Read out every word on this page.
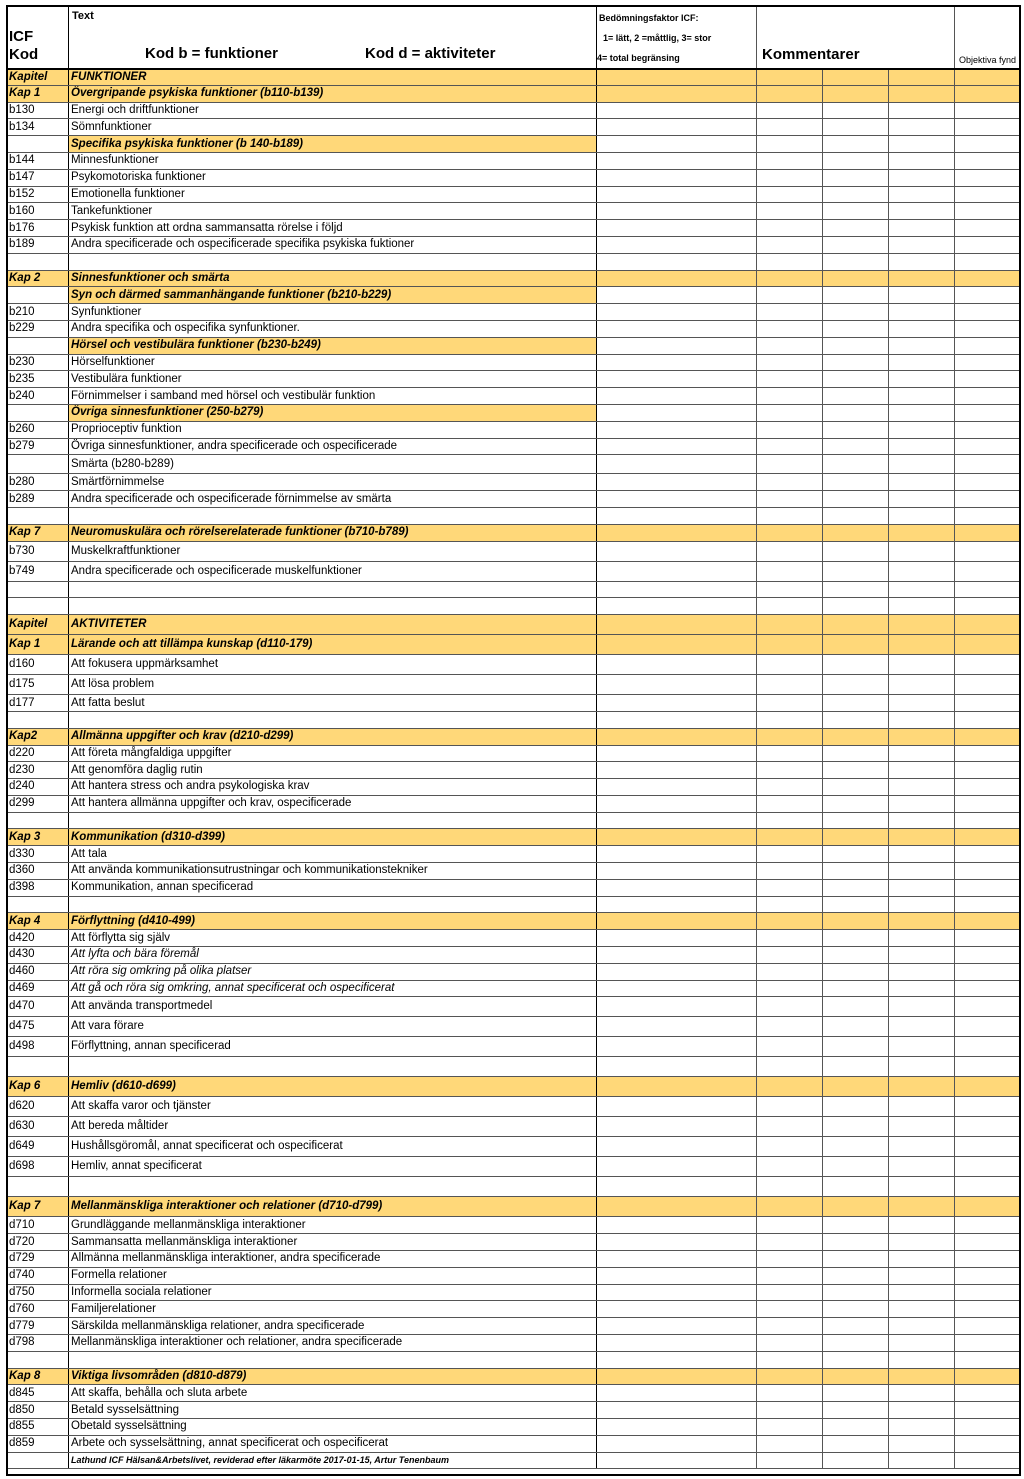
ICF
Kod	Text
Kod b = funktioner Kod d = aktiviteter	Bedömningsfaktor ICF:
1= lätt, 2 =måttlig, 3= stor
4= total begränsing	Kommentarer			Objektiva fynd

Kapitel	FUNKTIONER					
Kap 1	Övergripande psykiska funktioner (b110-b139)					
b130	Energi och driftfunktioner					
b134	Sömnfunktioner					
	Specifika psykiska funktioner (b 140-b189)					
b144	Minnesfunktioner					
b147	Psykomotoriska funktioner					
b152	Emotionella funktioner					
b160	Tankefunktioner					
b176	Psykisk funktion att ordna sammansatta rörelse i följd					
b189	Andra specificerade och ospecificerade specifika psykiska fuktioner					

Kap 2	Sinnesfunktioner och smärta					
	Syn och därmed sammanhängande funktioner (b210-b229)					
b210	Synfunktioner					
b229	Andra specifika och ospecifika synfunktioner.					
	Hörsel och vestibulära funktioner (b230-b249)					
b230	Hörselfunktioner					
b235	Vestibulära funktioner					
b240	Förnimmelser i samband med hörsel och vestibulär funktion					
	Övriga sinnesfunktioner (250-b279)					
b260	Proprioceptiv funktion					
b279	Övriga sinnesfunktioner, andra specificerade och ospecificerade					
	Smärta (b280-b289)					
b280	Smärtförnimmelse					
b289	Andra specificerade och ospecificerade förnimmelse av smärta					

Kap 7	Neuromuskulära och rörelserelaterade funktioner (b710-b789)					
b730	Muskelkraftfunktioner					
b749	Andra specificerade och ospecificerade muskelfunktioner					

Kapitel	AKTIVITETER					
Kap 1	Lärande och att tillämpa kunskap (d110-179)					
d160	Att fokusera uppmärksamhet					
d175	Att lösa problem					
d177	Att fatta beslut					

Kap2	Allmänna uppgifter och krav (d210-d299)					
d220	Att företa mångfaldiga uppgifter					
d230	Att genomföra daglig rutin					
d240	Att hantera stress och andra psykologiska krav					
d299	Att hantera allmänna uppgifter och krav, ospecificerade					

Kap 3	Kommunikation (d310-d399)					
d330	Att tala					
d360	Att använda kommunikationsutrustningar och kommunikationstekniker					
d398	Kommunikation, annan specificerad					

Kap 4	Förflyttning (d410-499)					
d420	Att förflytta sig själv					
d430	Att lyfta och bära föremål					
d460	Att röra sig omkring på olika platser					
d469	Att gå och röra sig omkring, annat specificerat och ospecificerat					
d470	Att använda transportmedel					
d475	Att vara förare					
d498	Förflyttning, annan specificerad					

Kap 6	Hemliv (d610-d699)					
d620	Att skaffa varor och tjänster					
d630	Att bereda måltider					
d649	Hushållsgöromål, annat specificerat och ospecificerat					
d698	Hemliv, annat specificerat					

Kap 7	Mellanmänskliga interaktioner och relationer (d710-d799)					
d710	Grundläggande mellanmänskliga interaktioner					
d720	Sammansatta mellanmänskliga interaktioner					
d729	Allmänna mellanmänskliga interaktioner, andra specificerade					
d740	Formella relationer					
d750	Informella sociala relationer					
d760	Familjerelationer					
d779	Särskilda mellanmänskliga relationer, andra specificerade					
d798	Mellanmänskliga interaktioner och relationer, andra specificerade					

Kap 8	Viktiga livsområden (d810-d879)					
d845	Att skaffa, behålla och sluta arbete					
d850	Betald sysselsättning					
d855	Obetald sysselsättning					
d859	Arbete och sysselsättning, annat specificerat och ospecificerat					
	Lathund ICF Hälsan&Arbetslivet, reviderad efter läkarmöte 2017-01-15, Artur Tenenbaum					
